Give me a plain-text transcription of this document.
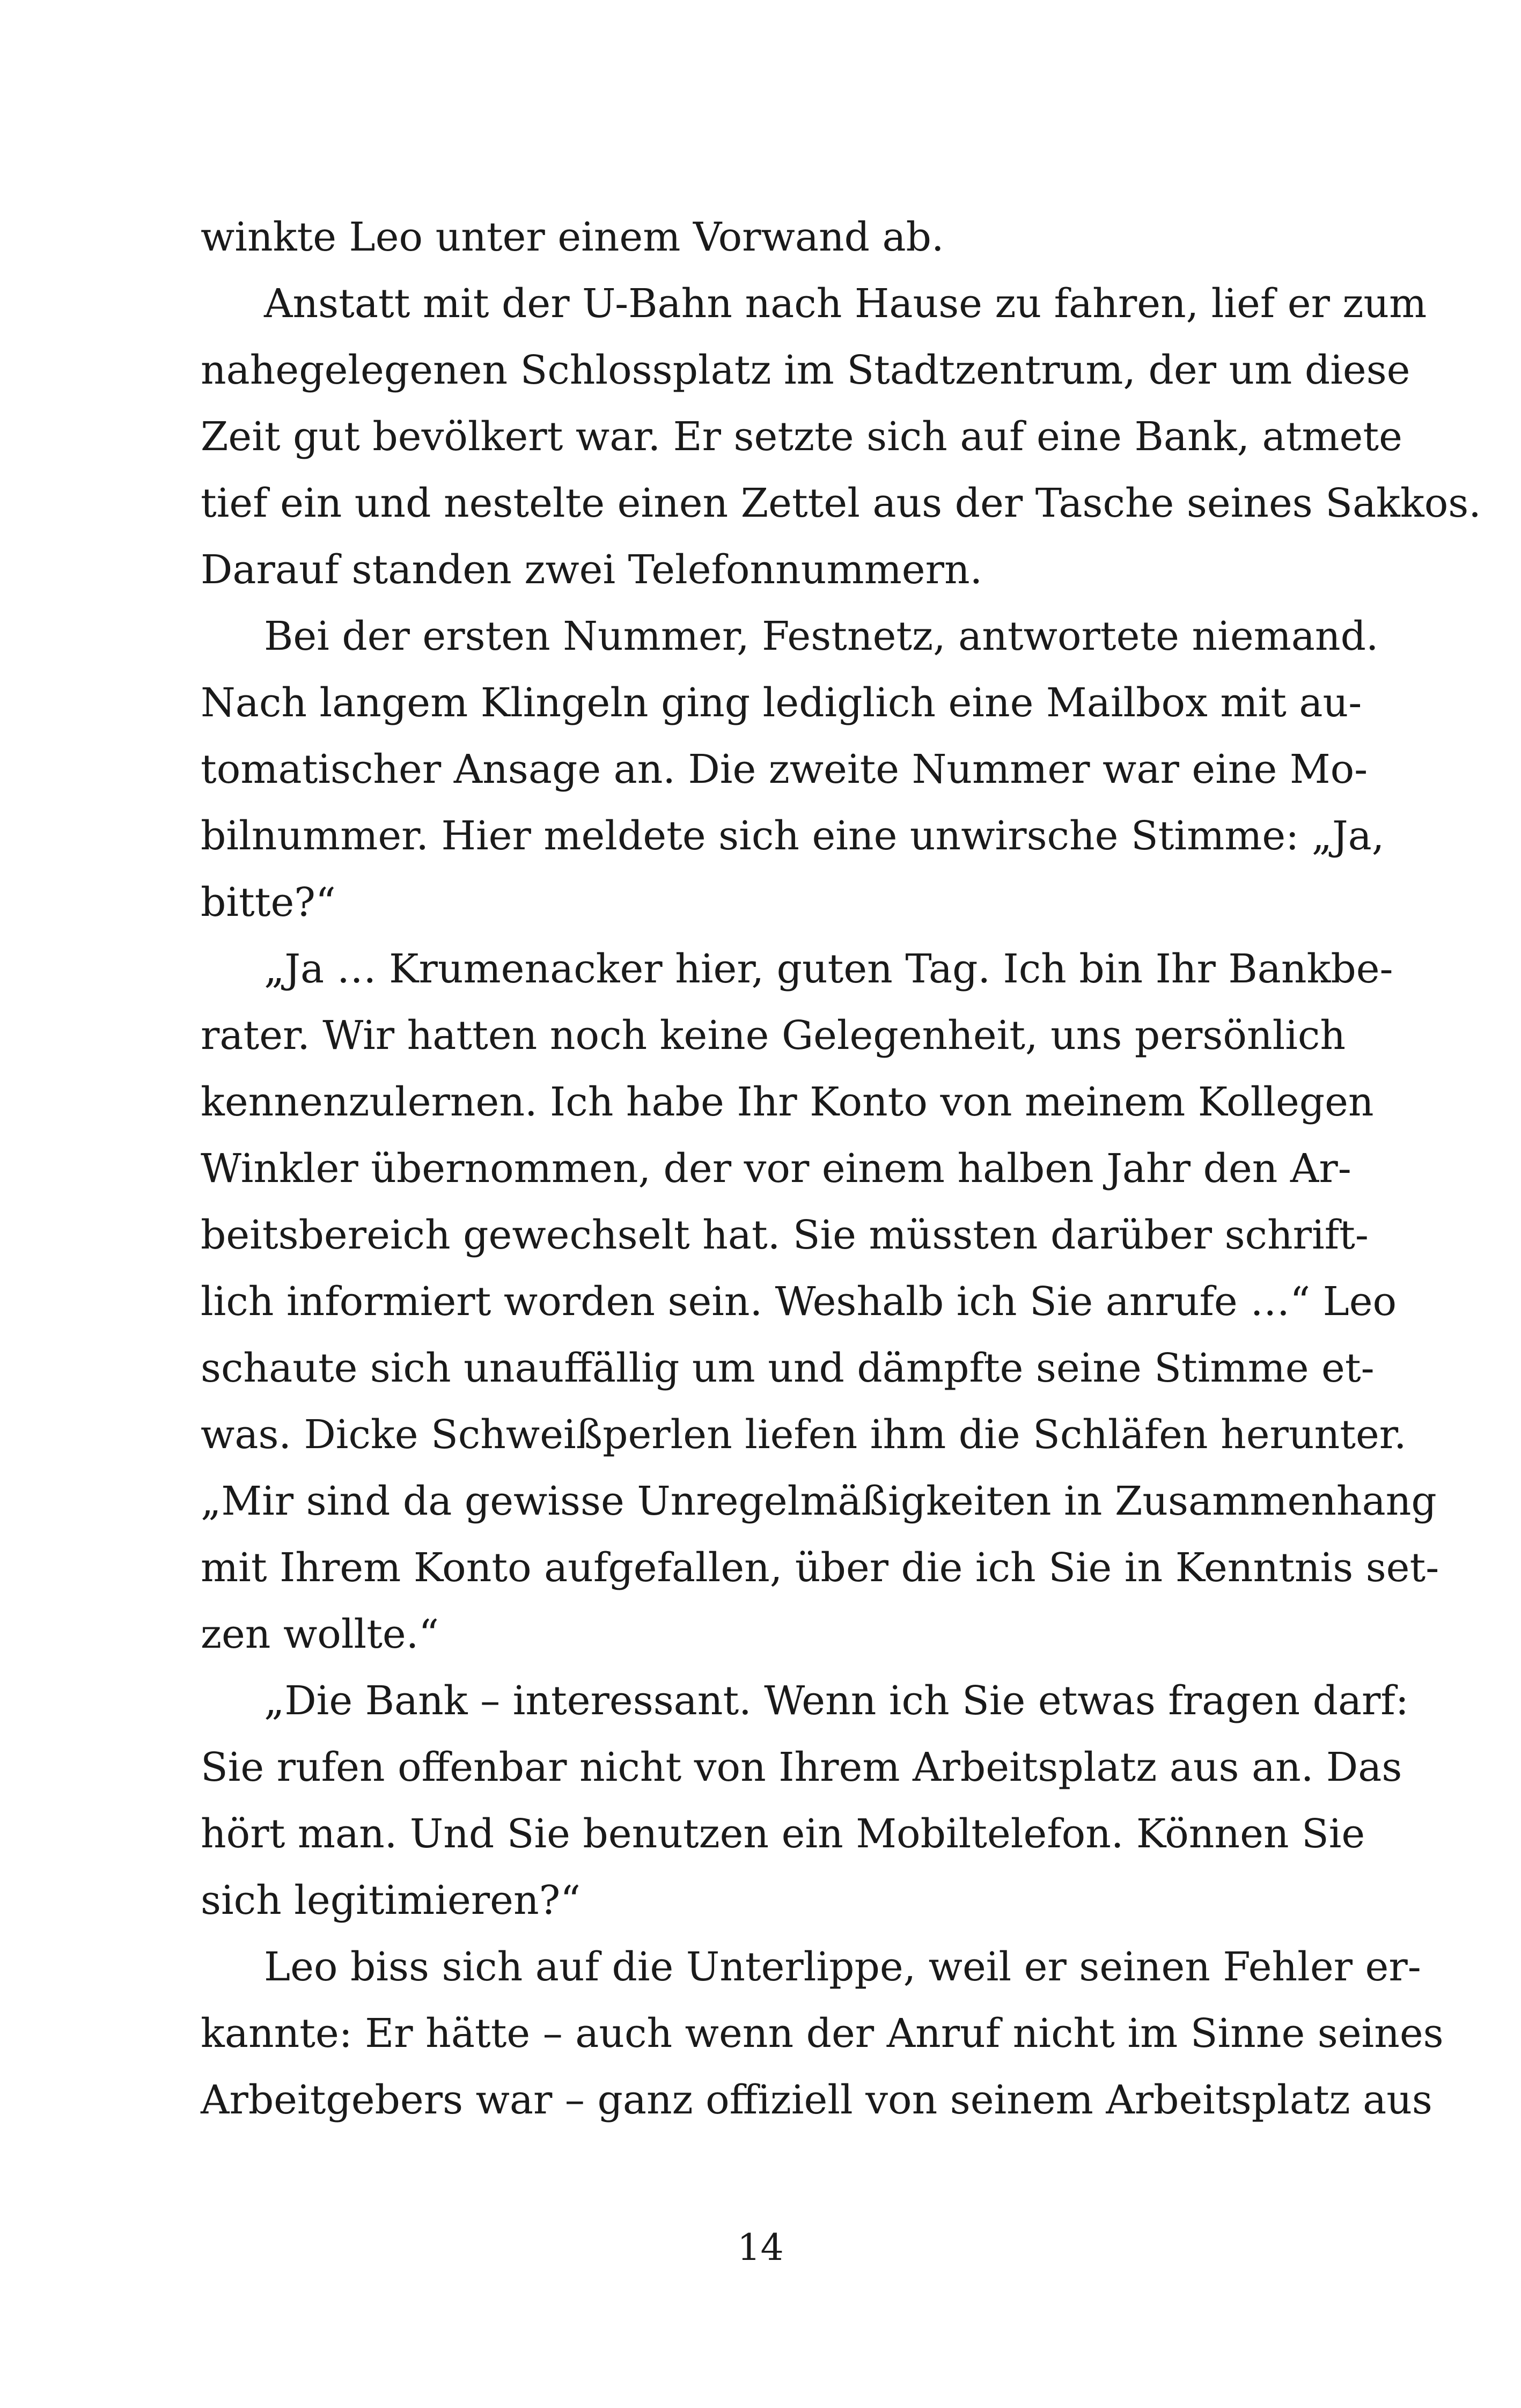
winkte Leo unter einem Vorwand ab.
Anstatt mit der U-Bahn nach Hause zu fahren, lief er zum
nahegelegenen Schlossplatz im Stadtzentrum, der um diese
Zeit gut bevölkert war. Er setzte sich auf eine Bank, atmete
tief ein und nestelte einen Zettel aus der Tasche seines Sakkos.
Darauf standen zwei Telefonnummern.
Bei der ersten Nummer, Festnetz, antwortete niemand.
Nach langem Klingeln ging lediglich eine Mailbox mit au-
tomatischer Ansage an. Die zweite Nummer war eine Mo-
bilnummer. Hier meldete sich eine unwirsche Stimme: „Ja,
bitte?“
„Ja … Krumenacker hier, guten Tag. Ich bin Ihr Bankbe-
rater. Wir hatten noch keine Gelegenheit, uns persönlich
kennenzulernen. Ich habe Ihr Konto von meinem Kollegen
Winkler übernommen, der vor einem halben Jahr den Ar-
beitsbereich gewechselt hat. Sie müssten darüber schrift-
lich informiert worden sein. Weshalb ich Sie anrufe …“ Leo
schaute sich unauffällig um und dämpfte seine Stimme et-
was. Dicke Schweißperlen liefen ihm die Schläfen herunter.
„Mir sind da gewisse Unregelmäßigkeiten in Zusammenhang
mit Ihrem Konto aufgefallen, über die ich Sie in Kenntnis set-
zen wollte.“
„Die Bank – interessant. Wenn ich Sie etwas fragen darf:
Sie rufen offenbar nicht von Ihrem Arbeitsplatz aus an. Das
hört man. Und Sie benutzen ein Mobiltelefon. Können Sie
sich legitimieren?“
Leo biss sich auf die Unterlippe, weil er seinen Fehler er-
kannte: Er hätte – auch wenn der Anruf nicht im Sinne seines
Arbeitgebers war – ganz offiziell von seinem Arbeitsplatz aus
14
